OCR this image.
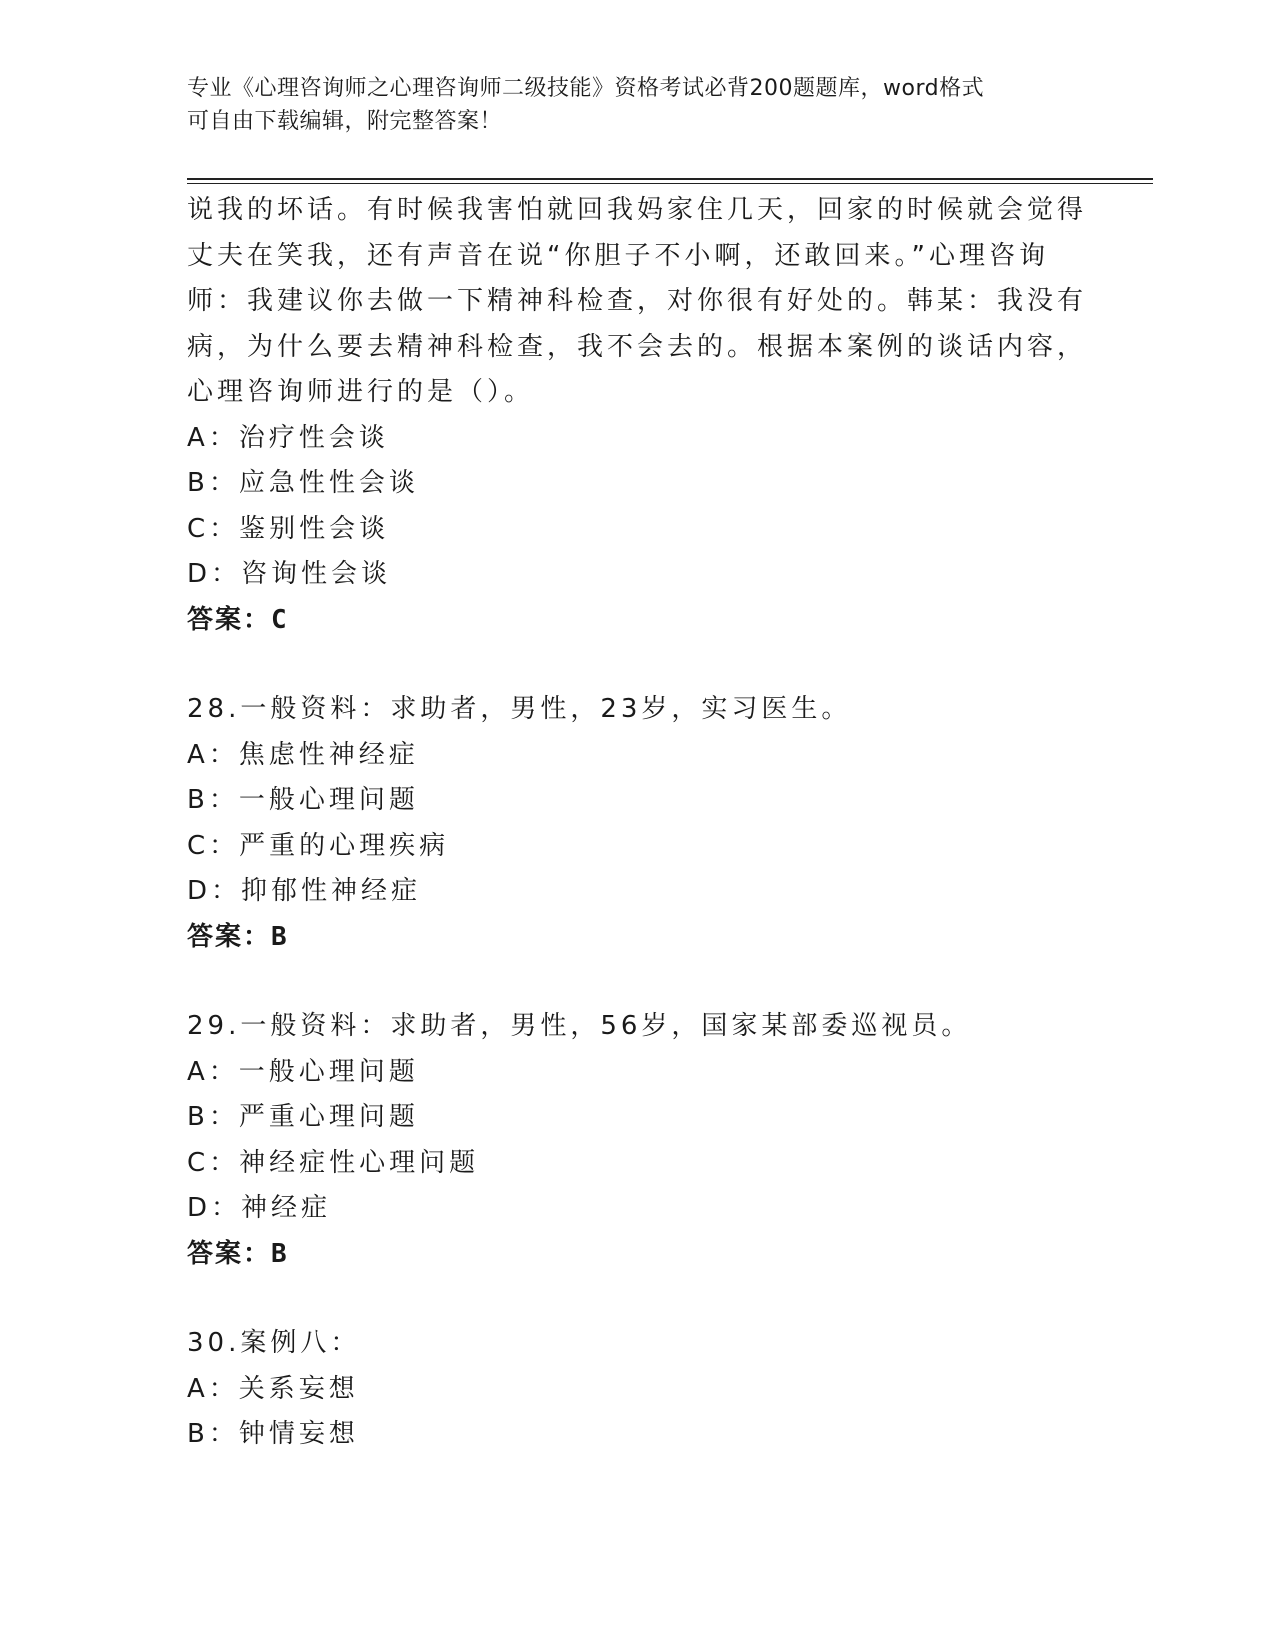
专业《心理咨询师之心理咨询师二级技能》资格考试必背200题题库，word格式
可自由下载编辑，附完整答案！
说我的坏话。有时候我害怕就回我妈家住几天，回家的时候就会觉得
丈夫在笑我，还有声音在说“你胆子不小啊，还敢回来。”心理咨询
师：我建议你去做一下精神科检查，对你很有好处的。韩某：我没有
病，为什么要去精神科检查，我不会去的。根据本案例的谈话内容，
心理咨询师进行的是（）。
A：治疗性会谈
B：应急性性会谈
C：鉴别性会谈
D：咨询性会谈
答案：C
28.一般资料：求助者，男性，23岁，实习医生。
A：焦虑性神经症
B：一般心理问题
C：严重的心理疾病
D：抑郁性神经症
答案：B
29.一般资料：求助者，男性，56岁，国家某部委巡视员。
A：一般心理问题
B：严重心理问题
C：神经症性心理问题
D：神经症
答案：B
30.案例八：
A：关系妄想
B：钟情妄想
